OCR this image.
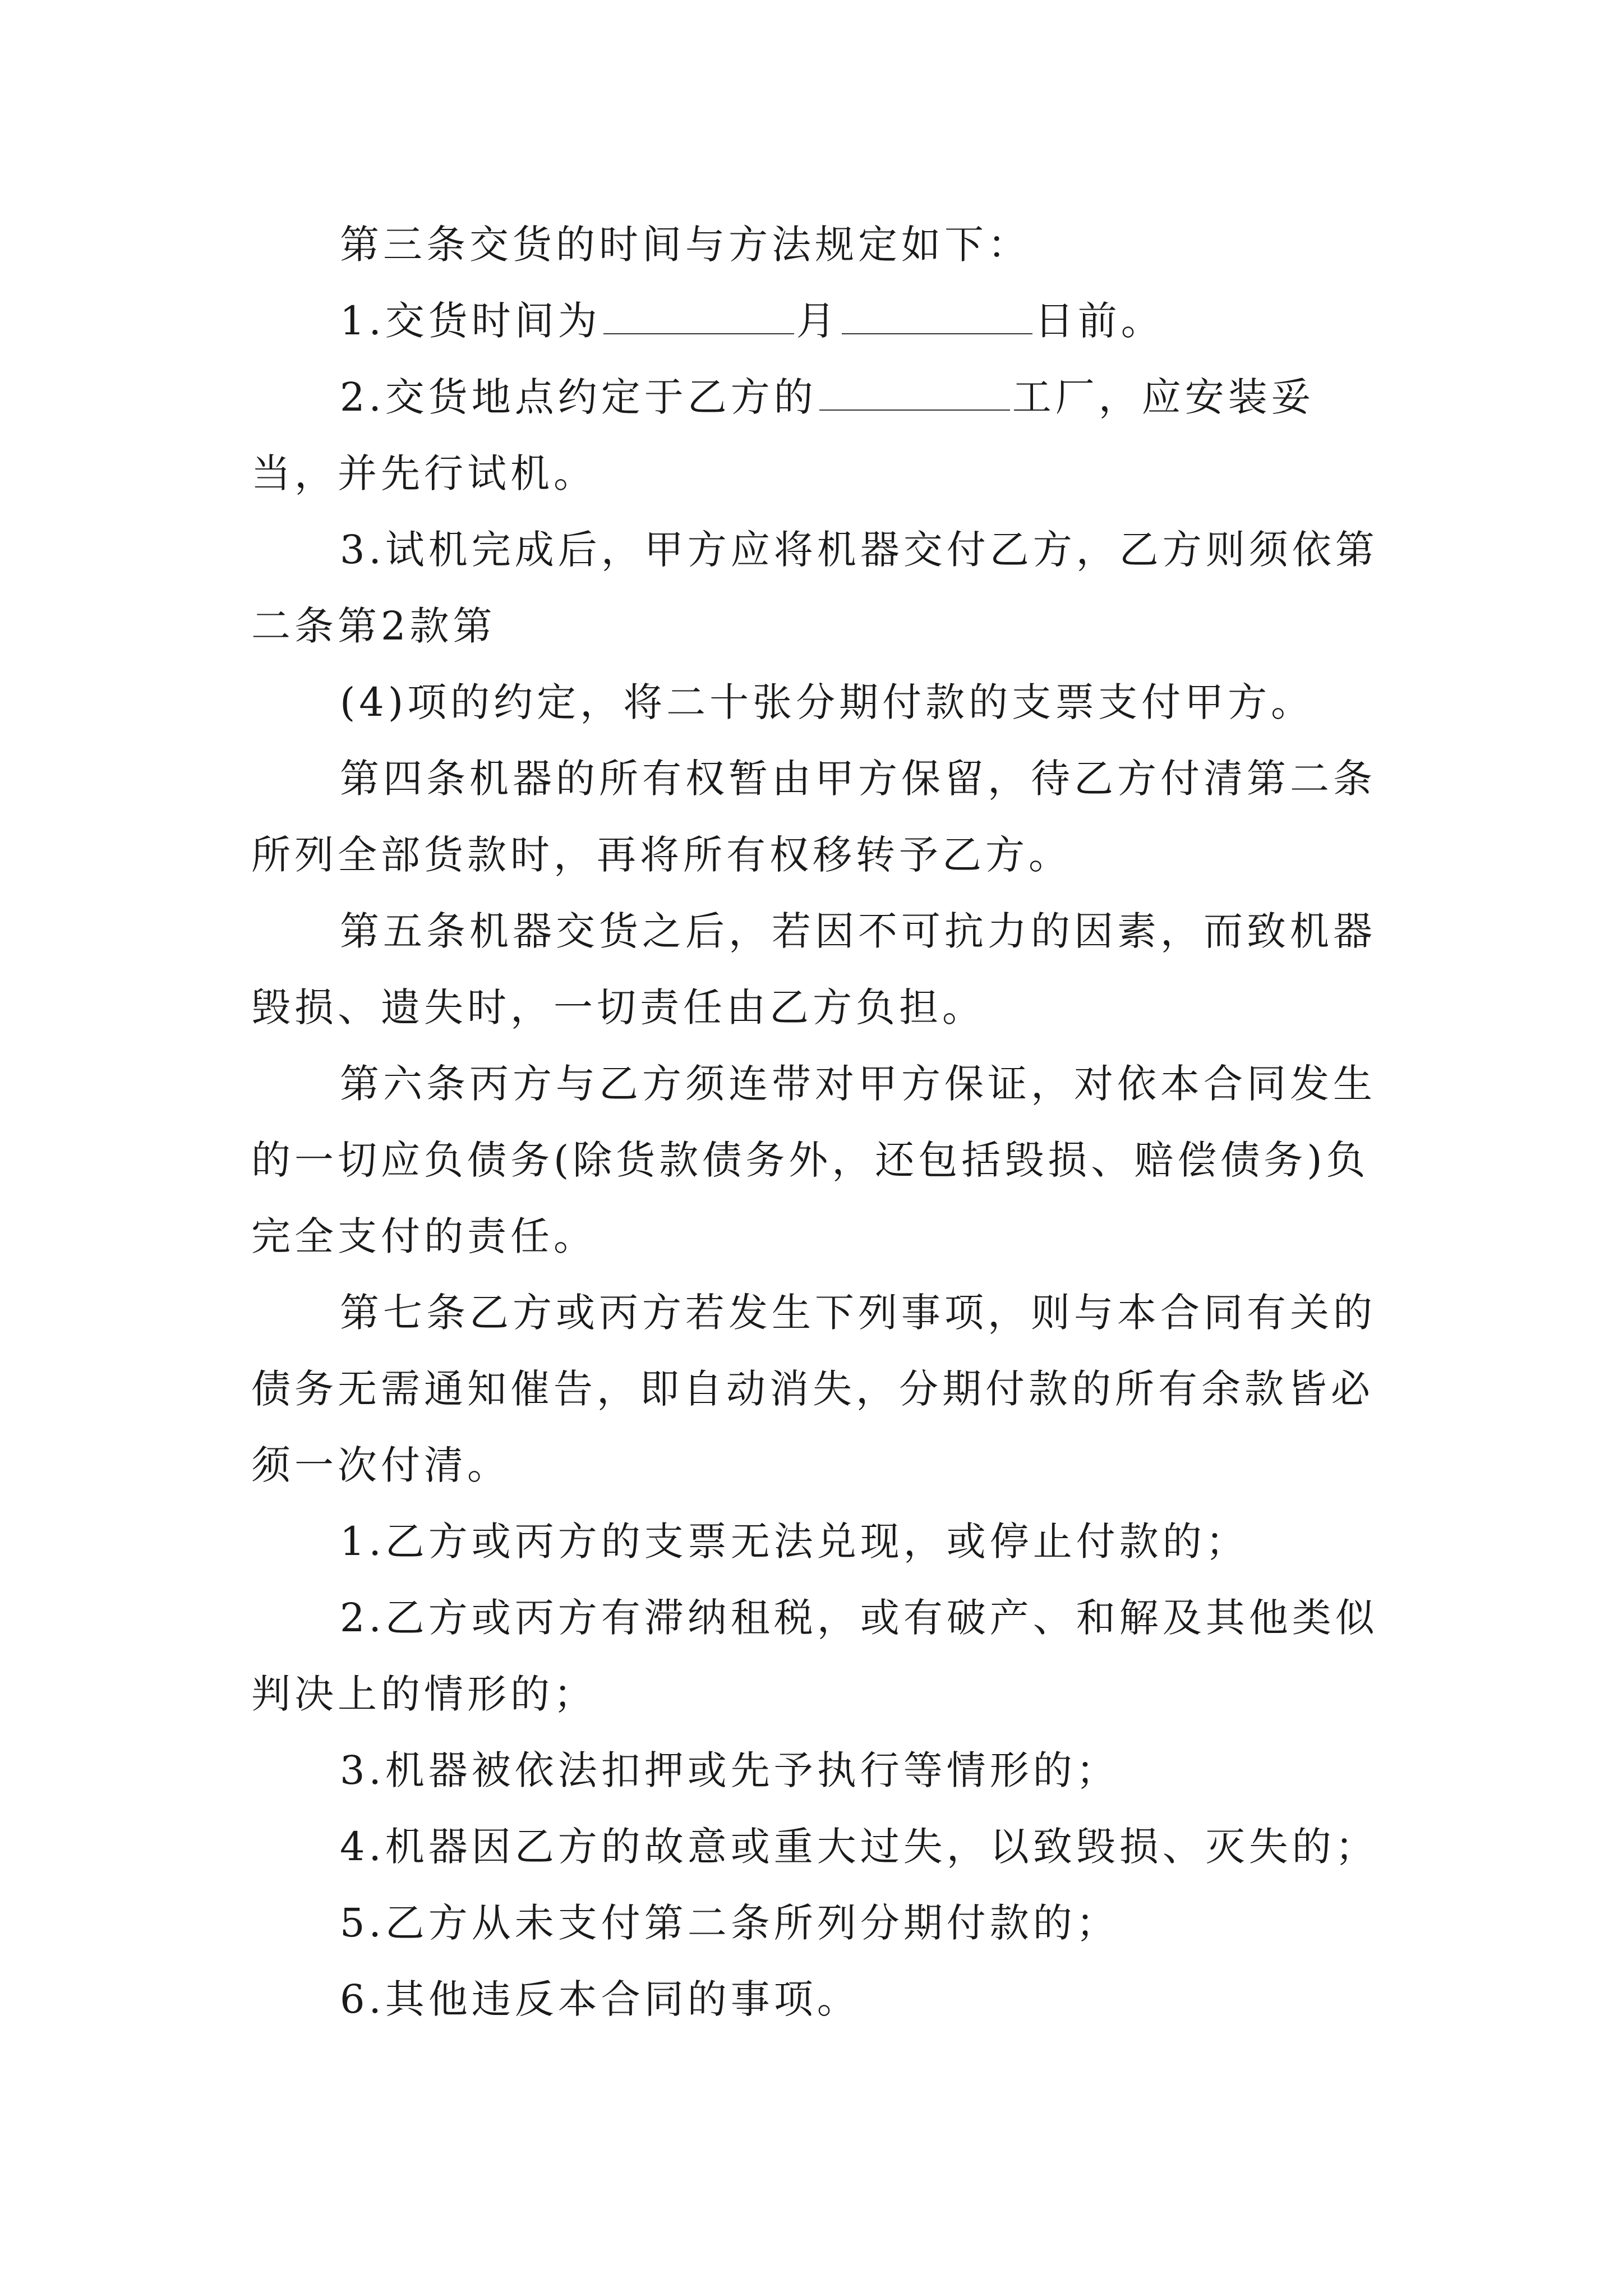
第三条交货的时间与方法规定如下：

1.交货时间为	月	日前。

2.交货地点约定于乙方的	工厂，应安装妥当，并先行试机。

3.试机完成后，甲方应将机器交付乙方，乙方则须依第二条第2款第

(4)项的约定，将二十张分期付款的支票支付甲方。

第四条机器的所有权暂由甲方保留，待乙方付清第二条所列全部货款时，再将所有权移转予乙方。

第五条机器交货之后，若因不可抗力的因素，而致机器毁损、遗失时，一切责任由乙方负担。

第六条丙方与乙方须连带对甲方保证，对依本合同发生的一切应负债务(除货款债务外，还包括毁损、赔偿债务)负完全支付的责任。

第七条乙方或丙方若发生下列事项，则与本合同有关的债务无需通知催告，即自动消失，分期付款的所有余款皆必须一次付清。

1.乙方或丙方的支票无法兑现，或停止付款的；

2.乙方或丙方有滞纳租税，或有破产、和解及其他类似判决上的情形的；

3.机器被依法扣押或先予执行等情形的；

4.机器因乙方的故意或重大过失，以致毁损、灭失的；

5.乙方从未支付第二条所列分期付款的；

6.其他违反本合同的事项。
